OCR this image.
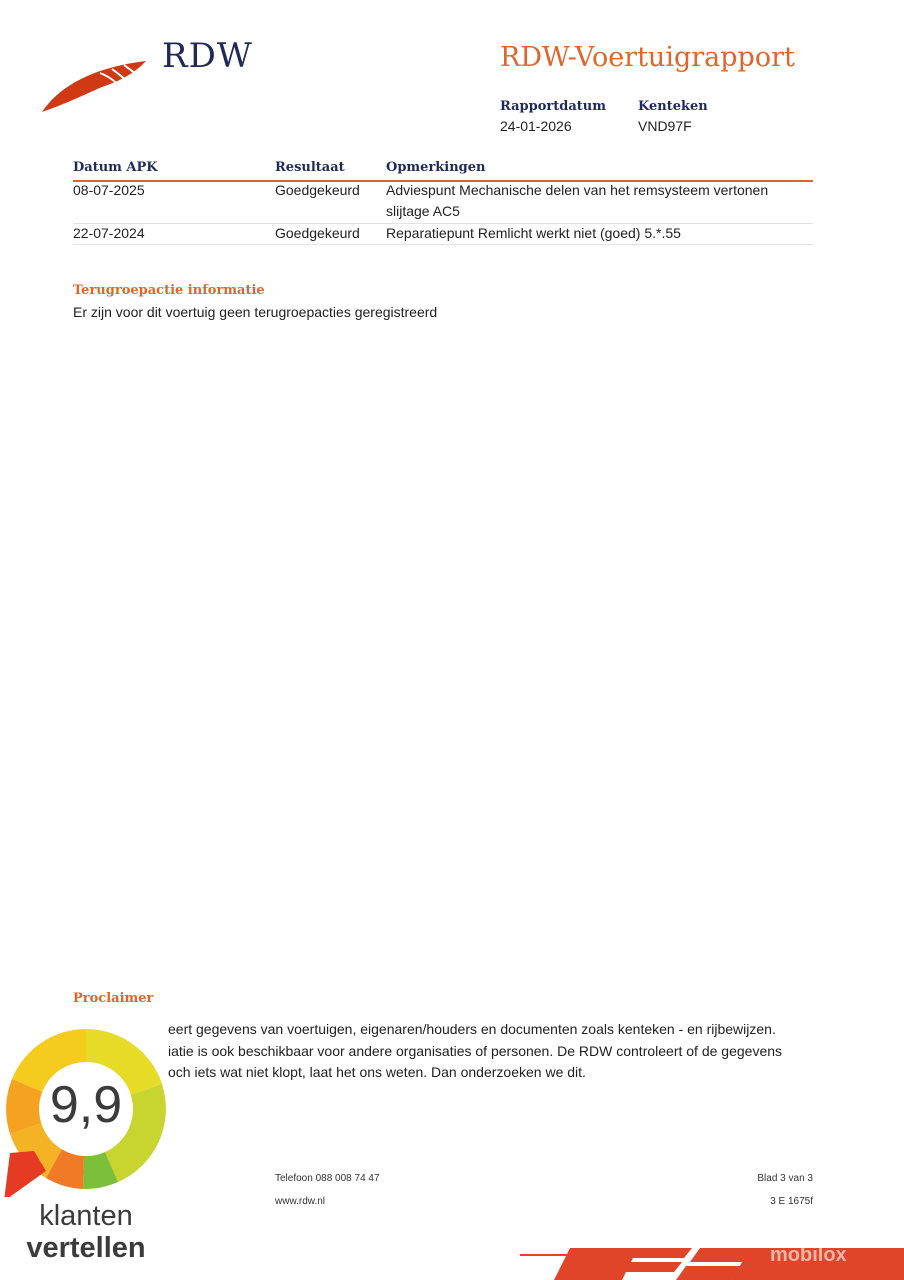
RDW	RDW-Voertuigrapport
Rapportdatum
24-01-2026
Kenteken
VND97F
Datum APK	Resultaat	Opmerkingen
08-07-2025	Goedgekeurd Adviespunt Mechanische delen van het remsysteem vertonen
slijtage AC5
22-07-2024	Goedgekeurd Reparatiepunt Remlicht werkt niet (goed) 5.*.55
Terugroepactie informatie
Er zijn voor dit voertuig geen terugroepacties geregistreerd
Proclaimer
eert gegevens van voertuigen, eigenaren/houders en documenten zoals kenteken - en rijbewijzen.
iatie is ook beschikbaar voor andere organisaties of personen. De RDW controleert of de gegevens
och iets wat niet klopt, laat het ons weten. Dan onderzoeken we dit.
Telefoon 088 008 74 47
www.rdw.nl
Blad 3 van 3
3 E 1675f
9,9
klanten
vertellen	mobilox
